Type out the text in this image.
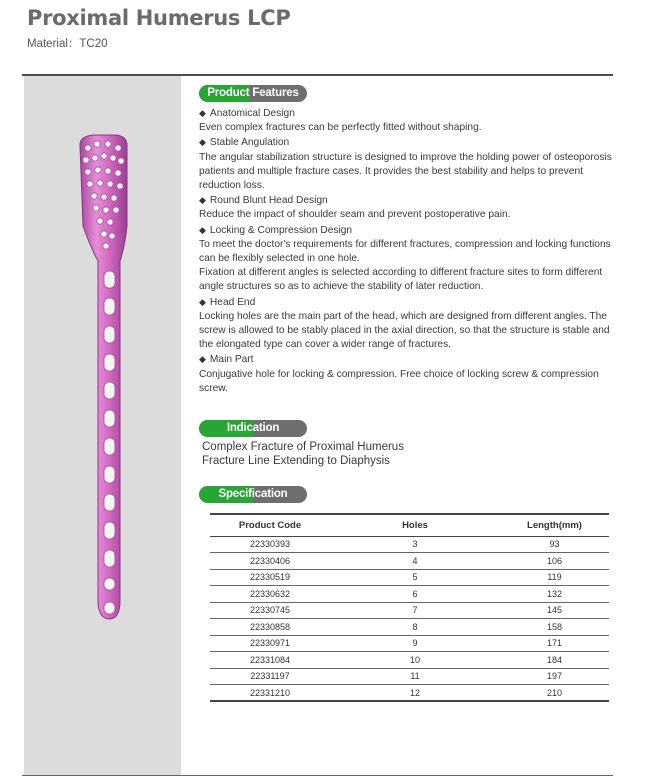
Proximal Humerus LCP
Material：TC20
Product Features

◆ Anatomical Design

Even complex fractures can be perfectly fitted without shaping.

◆ Stable Angulation

The angular stabilization structure is designed to improve the holding power of osteoporosis patients and multiple fracture cases. It provides the best stability and helps to prevent reduction loss.

◆ Round Blunt Head Design

Reduce the impact of shoulder seam and prevent postoperative pain.

◆ Locking & Compression Design

To meet the doctor's requirements for different fractures, compression and locking functions can be flexibly selected in one hole.

Fixation at different angles is selected according to different fracture sites to form different angle structures so as to achieve the stability of later reduction.

◆ Head End

Locking holes are the main part of the head, which are designed from different angles. The screw is allowed to be stably placed in the axial direction, so that the structure is stable and the elongated type can cover a wider range of fractures.

◆ Main Part

Conjugative hole for locking & compression. Free choice of locking screw & compression screw.

Indication
Complex Fracture of Proximal Humerus
Fracture Line Extending to Diaphysis
Specification
Product Code	Holes	Length(mm)
22330393	3	93
22330406	4	106
22330519	5	119
22330632	6	132
22330745	7	145
22330858	8	158
22330971	9	171
22331084	10	184
22331197	11	197
22331210	12	210
